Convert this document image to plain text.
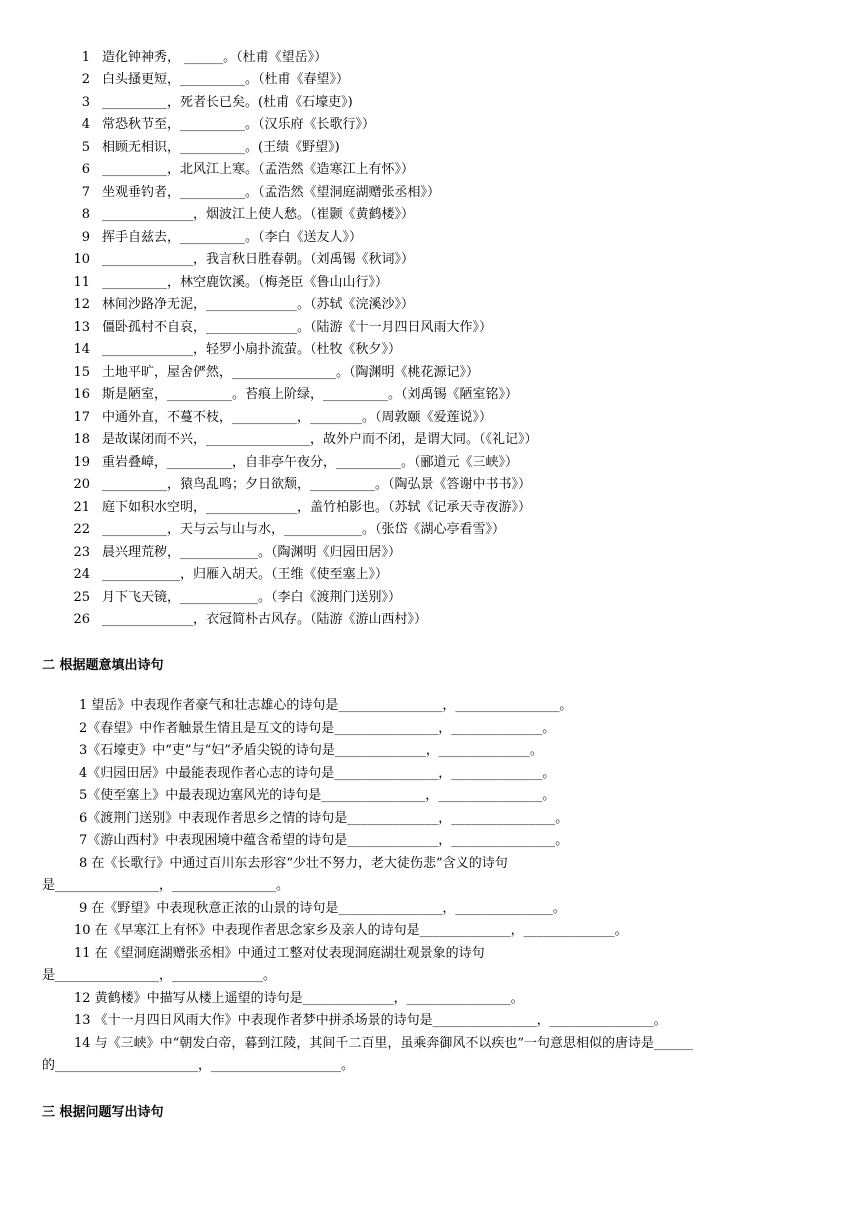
1 造化钟神秀， ______。（杜甫《望岳》）
2 白头搔更短，__________。（杜甫《春望》）
3 __________，死者长已矣。(杜甫《石壕吏》)
4 常恐秋节至，__________。（汉乐府《长歌行》）
5 相顾无相识，__________。(王绩《野望》)
6 __________，北风江上寒。（孟浩然《造寒江上有怀》）
7 坐观垂钓者，__________。（孟浩然《望洞庭湖赠张丞相》）
8 ______________，烟波江上使人愁。（崔颢《黄鹤楼》）
9 挥手自兹去，__________。（李白《送友人》）
10 ______________，我言秋日胜春朝。（刘禹锡《秋词》）
11 __________，林空鹿饮溪。（梅尧臣《鲁山山行》）
12 林间沙路净无泥，______________。（苏轼《浣溪沙》）
13 僵卧孤村不自哀，______________。（陆游《十一月四日风雨大作》）
14 ______________，轻罗小扇扑流萤。（杜牧《秋夕》）
15 土地平旷，屋舍俨然，________________。（陶渊明《桃花源记》）
16 斯是陋室，__________。苔痕上阶绿，__________。（刘禹锡《陋室铭》）
17 中通外直，不蔓不枝，__________，________。（周敦颐《爱莲说》）
18 是故谋闭而不兴，________________，故外户而不闭，是谓大同。（《礼记》）
19 重岩叠嶂，__________，自非亭午夜分，__________。（郦道元《三峡》）
20 __________，猿鸟乱鸣；夕日欲颓，__________。（陶弘景《答谢中书书》）
21 庭下如积水空明，______________，盖竹柏影也。（苏轼《记承天寺夜游》）
22 __________，天与云与山与水，____________。（张岱《湖心亭看雪》）
23 晨兴理荒秽，____________。（陶渊明《归园田居》）
24 ____________，归雁入胡天。（王维《使至塞上》）
25 月下飞天镜，____________。（李白《渡荆门送别》）
26 ______________，衣冠简朴古风存。（陆游《游山西村》）
二 根据题意填出诗句
1 望岳》中表现作者豪气和壮志雄心的诗句是________________，________________。
2《春望》中作者触景生情且是互文的诗句是________________，______________。
3《石壕吏》中“吏”与“妇”矛盾尖锐的诗句是______________，______________。
4《归园田居》中最能表现作者心志的诗句是________________，______________。
5《使至塞上》中最表现边塞风光的诗句是________________，________________。
6《渡荆门送别》中表现作者思乡之情的诗句是______________，________________。
7《游山西村》中表现困境中蕴含希望的诗句是______________，________________。
8 在《长歌行》中通过百川东去形容“少壮不努力，老大徒伤悲”含义的诗句
是________________，________________。
9 在《野望》中表现秋意正浓的山景的诗句是________________，_______________。
10 在《早寒江上有怀》中表现作者思念家乡及亲人的诗句是______________，______________。
11 在《望洞庭湖赠张丞相》中通过工整对仗表现洞庭湖壮观景象的诗句
是________________，______________。
12 黄鹤楼》中描写从楼上遥望的诗句是______________，________________。
13 《十一月四日风雨大作》中表现作者梦中拼杀场景的诗句是________________，________________。
14 与《三峡》中“朝发白帝，暮到江陵，其间千二百里，虽乘奔御风不以疾也”一句意思相似的唐诗是______
的______________________，____________________。
三 根据问题写出诗句
